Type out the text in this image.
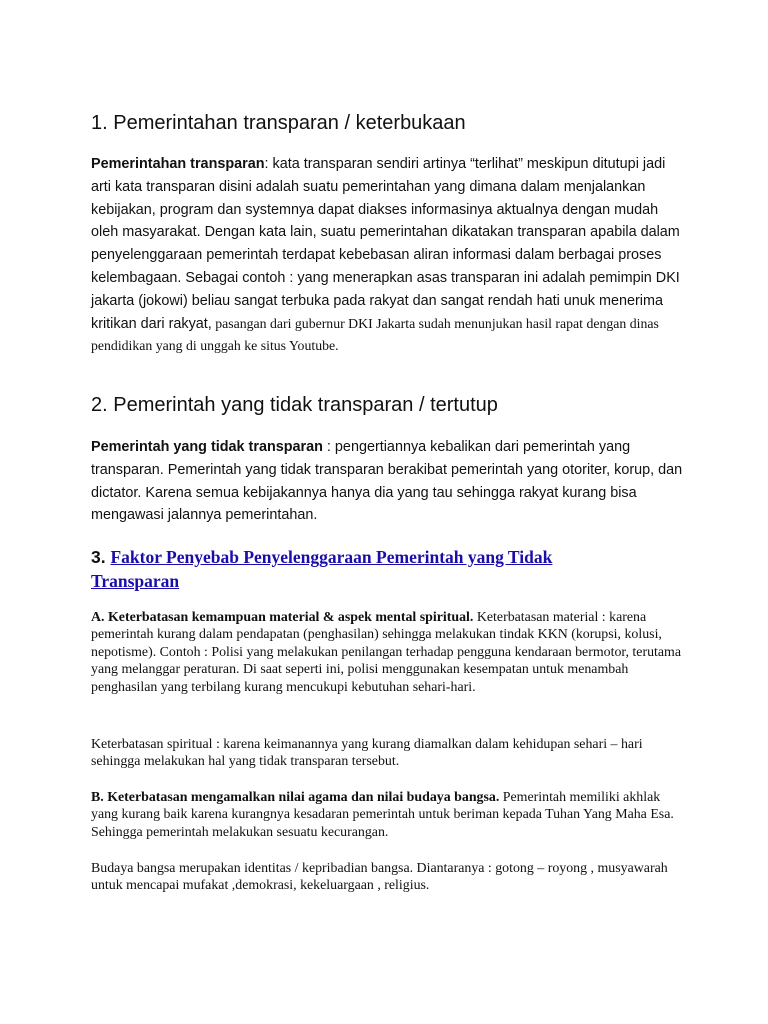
1. Pemerintahan transparan / keterbukaan

Pemerintahan transparan: kata transparan sendiri artinya “terlihat” meskipun ditutupi jadi arti kata transparan disini adalah suatu pemerintahan yang dimana dalam menjalankan kebijakan, program dan systemnya dapat diakses informasinya aktualnya dengan mudah oleh masyarakat. Dengan kata lain, suatu pemerintahan dikatakan transparan apabila dalam penyelenggaraan pemerintah terdapat kebebasan aliran informasi dalam berbagai proses kelembagaan. Sebagai contoh : yang menerapkan asas transparan ini adalah pemimpin DKI jakarta (jokowi) beliau sangat terbuka pada rakyat dan sangat rendah hati unuk menerima kritikan dari rakyat, pasangan dari gubernur DKI Jakarta sudah menunjukan hasil rapat dengan dinas pendidikan yang di unggah ke situs Youtube.

2. Pemerintah yang tidak transparan / tertutup

Pemerintah yang tidak transparan : pengertiannya kebalikan dari pemerintah yang transparan. Pemerintah yang tidak transparan berakibat pemerintah yang otoriter, korup, dan dictator. Karena semua kebijakannya hanya dia yang tau sehingga rakyat kurang bisa mengawasi jalannya pemerintahan.

3. Faktor Penyebab Penyelenggaraan Pemerintah yang Tidak Transparan

A. Keterbatasan kemampuan material & aspek mental spiritual. Keterbatasan material : karena pemerintah kurang dalam pendapatan (penghasilan) sehingga melakukan tindak KKN (korupsi, kolusi, nepotisme). Contoh : Polisi yang melakukan penilangan terhadap pengguna kendaraan bermotor, terutama yang melanggar peraturan. Di saat seperti ini, polisi menggunakan kesempatan untuk menambah penghasilan yang terbilang kurang mencukupi kebutuhan sehari-hari.

Keterbatasan spiritual : karena keimanannya yang kurang diamalkan dalam kehidupan sehari – hari sehingga melakukan hal yang tidak transparan tersebut.

B. Keterbatasan mengamalkan nilai agama dan nilai budaya bangsa. Pemerintah memiliki akhlak yang kurang baik karena kurangnya kesadaran pemerintah untuk beriman kepada Tuhan Yang Maha Esa. Sehingga pemerintah melakukan sesuatu kecurangan.

Budaya bangsa merupakan identitas / kepribadian bangsa. Diantaranya : gotong – royong , musyawarah untuk mencapai mufakat ,demokrasi, kekeluargaan , religius.
